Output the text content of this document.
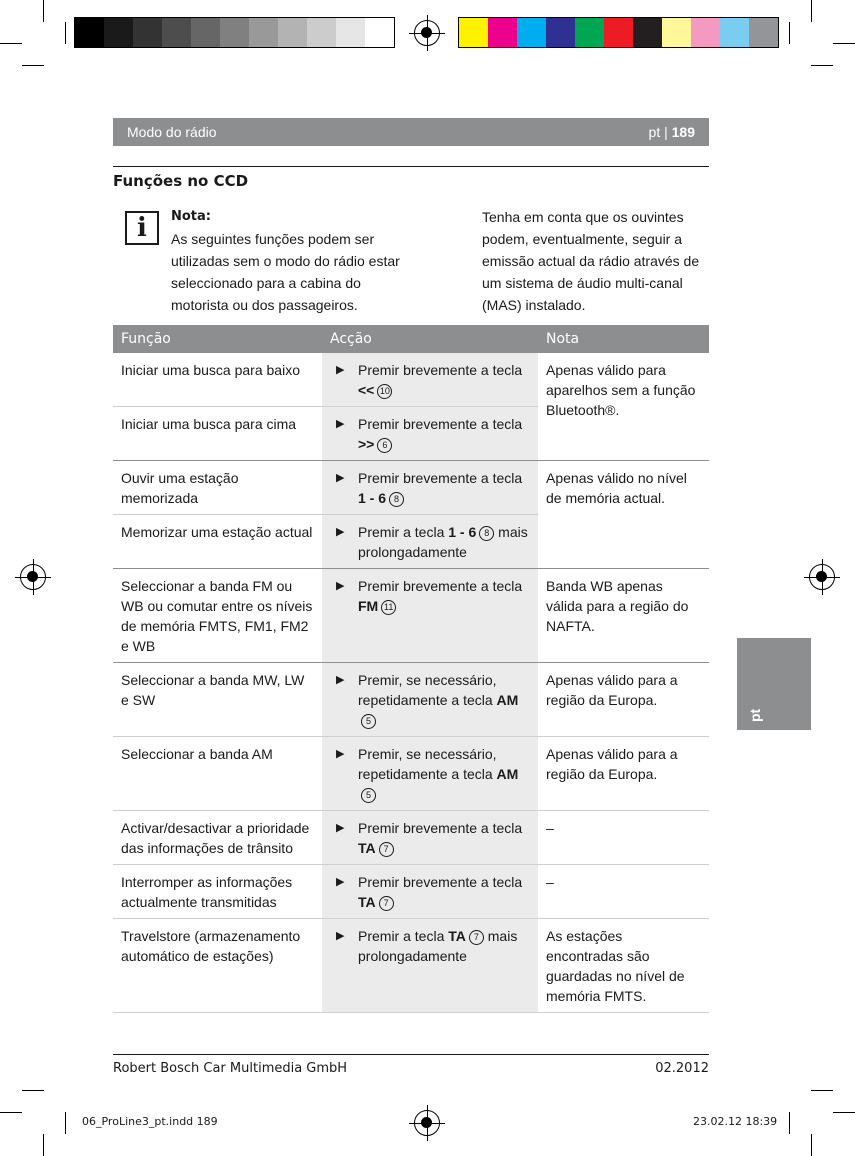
Modo do rádio	pt | 189
Funções no CCD
i	Nota:
As seguintes funções podem ser utilizadas sem o modo do rádio estar seleccionado para a cabina do motorista ou dos passageiros.
Tenha em conta que os ouvintes podem, eventualmente, seguir a emissão actual da rádio através de um sistema de áudio multi-canal (MAS) instalado.
Função	Acção	Nota
Iniciar uma busca para baixo	▶ Premir brevemente a tecla << 10	Apenas válido para aparelhos sem a função Bluetooth®.
Iniciar uma busca para cima	▶ Premir brevemente a tecla >> 6	

Ouvir uma estação memorizada	▶ Premir brevemente a tecla 1 - 6 8	Apenas válido no nível de memória actual.
Memorizar uma estação actual	▶ Premir a tecla 1 - 6 8 mais prolongadamente	

Seleccionar a banda FM ou WB ou comutar entre os níveis de memória FMTS, FM1, FM2 e WB	▶ Premir brevemente a tecla FM 11	Banda WB apenas válida para a região do NAFTA.
Seleccionar a banda MW, LW e SW	▶ Premir, se necessário, repetidamente a tecla AM5	Apenas válido para a região da Europa.
Seleccionar a banda AM	▶ Premir, se necessário, repetidamente a tecla AM5	Apenas válido para a região da Europa.
Activar/desactivar a prioridade das informações de trânsito	▶ Premir brevemente a tecla TA 7	–
Interromper as informações actualmente transmitidas	▶ Premir brevemente a tecla TA 7	–
Travelstore (armazenamento automático de estações)	▶ Premir a tecla TA 7 mais prolongadamente	As estações encontradas são guardadas no nível de memória FMTS.
pt
Robert Bosch Car Multimedia GmbH	02.2012
06_ProLine3_pt.indd 189	23.02.12 18:39
